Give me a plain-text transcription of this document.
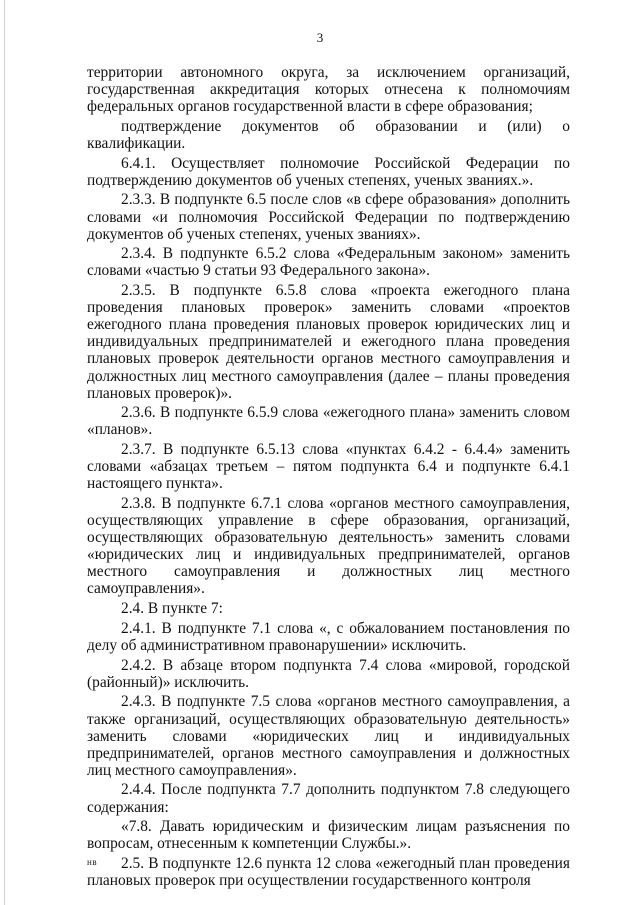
3

территории автономного округа, за исключением организаций, государственная аккредитация которых отнесена к полномочиям федеральных органов государственной власти в сфере образования;

подтверждение документов об образовании и (или) о квалификации.

6.4.1. Осуществляет полномочие Российской Федерации по подтверждению документов об ученых степенях, ученых званиях.».

2.3.3. В подпункте 6.5 после слов «в сфере образования» дополнить словами «и полномочия Российской Федерации по подтверждению документов об ученых степенях, ученых званиях».

2.3.4. В подпункте 6.5.2 слова «Федеральным законом» заменить словами «частью 9 статьи 93 Федерального закона».

2.3.5. В подпункте 6.5.8 слова «проекта ежегодного плана проведения плановых проверок» заменить словами «проектов ежегодного плана проведения плановых проверок юридических лиц и индивидуальных предпринимателей и ежегодного плана проведения плановых проверок деятельности органов местного самоуправления и должностных лиц местного самоуправления (далее – планы проведения плановых проверок)».

2.3.6. В подпункте 6.5.9 слова «ежегодного плана» заменить словом «планов».

2.3.7. В подпункте 6.5.13 слова «пунктах 6.4.2 - 6.4.4» заменить словами «абзацах третьем – пятом подпункта 6.4 и подпункте 6.4.1 настоящего пункта».

2.3.8. В подпункте 6.7.1 слова «органов местного самоуправления, осуществляющих управление в сфере образования, организаций, осуществляющих образовательную деятельность» заменить словами «юридических лиц и индивидуальных предпринимателей, органов местного самоуправления и должностных лиц местного самоуправления».

2.4. В пункте 7:

2.4.1. В подпункте 7.1 слова «, с обжалованием постановления по делу об административном правонарушении» исключить.

2.4.2. В абзаце втором подпункта 7.4 слова «мировой, городской (районный)» исключить.

2.4.3. В подпункте 7.5 слова «органов местного самоуправления, а также организаций, осуществляющих образовательную деятельность» заменить словами «юридических лиц и индивидуальных предпринимателей, органов местного самоуправления и должностных лиц местного самоуправления».

2.4.4. После подпункта 7.7 дополнить подпунктом 7.8 следующего содержания:

«7.8. Давать юридическим и физическим лицам разъяснения по вопросам, отнесенным к компетенции Службы.».

2.5. В подпункте 12.6 пункта 12 слова «ежегодный план проведения плановых проверок при осуществлении государственного контроля

нв
